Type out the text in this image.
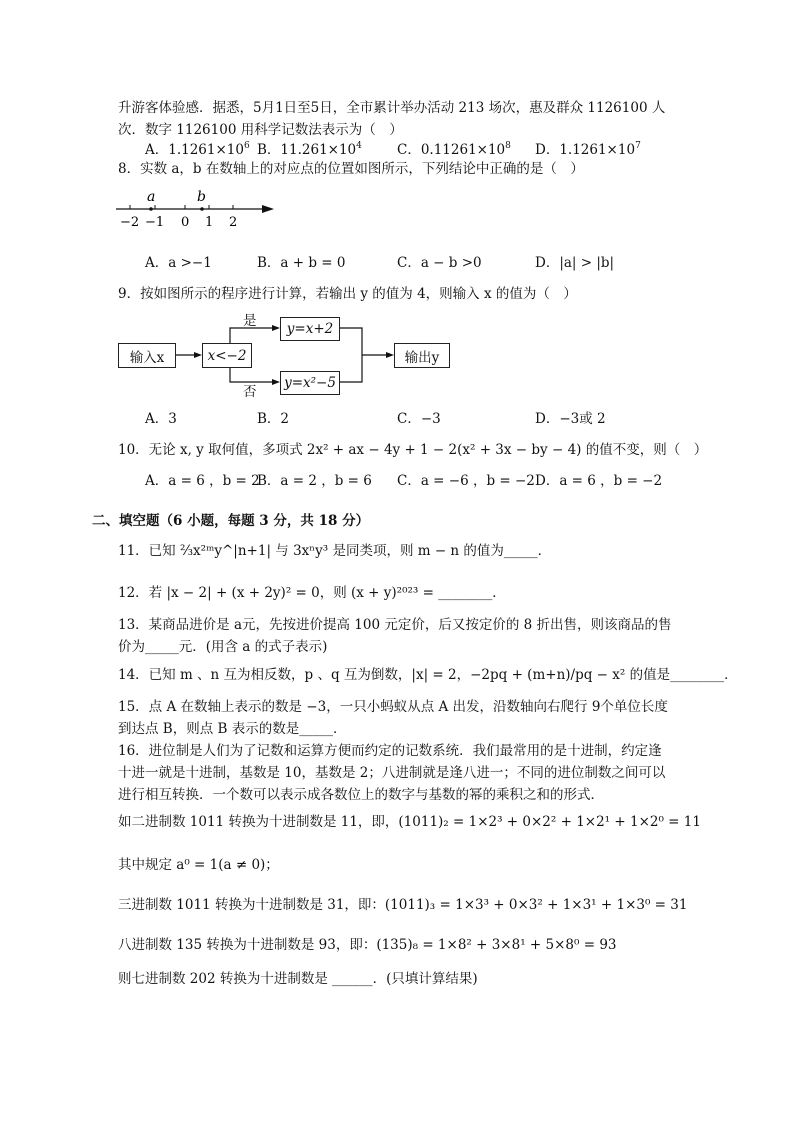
升游客体验感．据悉，5月1日至5日，全市累计举办活动 213 场次，惠及群众 1126100 人
次．数字 1126100 用科学记数法表示为（　）
A．$1.1261\times 10^6$ B．$11.261\times 10^4$	C．$0.11261\times 10^8$ D．$1.1261\times 10^7$
8．实数 a，b 在数轴上的对应点的位置如图所示，下列结论中正确的是（　）
a	b
−2 −1 0 1 2
A．a >−1	B．a + b = 0	C．a − b >0	D．|a| > |b|
9．按如图所示的程序进行计算，若输出 y 的值为 4，则输入 x 的值为（　）
输入x	x<−2
y=x+2
y=x²−5
输出y
是
否
A．3	B．2	C．−3	D．−3或 2
10．无论 x, y 取何值，多项式 2x² + ax − 4y + 1 − 2(x² + 3x − by − 4) 的值不变，则（　）
A．a = 6 ，b = 2
B．a = 2 ，b = 6 C．a = −6 ，b = −2 D．a = 6 ，b = −2
二、填空题（6 小题，每题 3 分，共 18 分）
11．已知 ⅔x²ᵐy^|n+1| 与 3xⁿy³ 是同类项，则 m − n 的值为_____．
12．若 |x − 2| + (x + 2y)² = 0，则 (x + y)²⁰²³ = ________．
13．某商品进价是 a元，先按进价提高 100 元定价，后又按定价的 8 折出售，则该商品的售
价为_____元．(用含 a 的式子表示)
14．已知 m 、n 互为相反数，p 、q 互为倒数，|x| = 2，−2pq + (m+n)/pq − x² 的值是________．
15．点 A 在数轴上表示的数是 −3，一只小蚂蚁从点 A 出发，沿数轴向右爬行 9个单位长度
到达点 B，则点 B 表示的数是_____．
16．进位制是人们为了记数和运算方便而约定的记数系统．我们最常用的是十进制，约定逢
十进一就是十进制，基数是 10，基数是 2；八进制就是逢八进一；不同的进位制数之间可以
进行相互转换．一个数可以表示成各数位上的数字与基数的幂的乘积之和的形式．
如二进制数 1011 转换为十进制数是 11，即，(1011)₂ = 1×2³ + 0×2² + 1×2¹ + 1×2⁰ = 11
其中规定 a⁰ = 1(a ≠ 0)；
三进制数 1011 转换为十进制数是 31，即：(1011)₃ = 1×3³ + 0×3² + 1×3¹ + 1×3⁰ = 31
八进制数 135 转换为十进制数是 93，即：(135)₈ = 1×8² + 3×8¹ + 5×8⁰ = 93
则七进制数 202 转换为十进制数是 ______．(只填计算结果)
